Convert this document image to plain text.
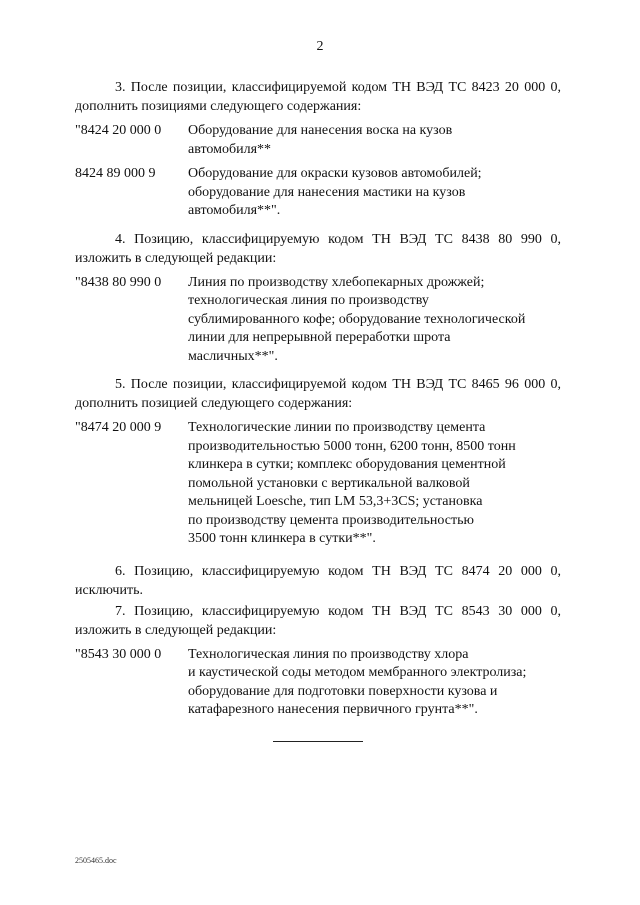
2
3. После позиции, классифицируемой кодом ТН ВЭД ТС 8423 20 000 0,
дополнить позициями следующего содержания:
"8424 20 000 0	Оборудование для нанесения воска на кузов
автомобиля**
8424 89 000 9	Оборудование для окраски кузовов автомобилей;
оборудование для нанесения мастики на кузов
автомобиля**".
4. Позицию, классифицируемую кодом ТН ВЭД ТС 8438 80 990 0,
изложить в следующей редакции:
"8438 80 990 0	Линия по производству хлебопекарных дрожжей;
технологическая линия по производству
сублимированного кофе; оборудование технологической
линии для непрерывной переработки шрота
масличных**".
5. После позиции, классифицируемой кодом ТН ВЭД ТС 8465 96 000 0,
дополнить позицией следующего содержания:
"8474 20 000 9	Технологические линии по производству цемента
производительностью 5000 тонн, 6200 тонн, 8500 тонн
клинкера в сутки; комплекс оборудования цементной
помольной установки с вертикальной валковой
мельницей Loesche, тип LM 53,3+3CS; установка
по производству цемента производительностью
3500 тонн клинкера в сутки**".
6. Позицию, классифицируемую кодом ТН ВЭД ТС 8474 20 000 0,
исключить.
7. Позицию, классифицируемую кодом ТН ВЭД ТС 8543 30 000 0,
изложить в следующей редакции:
"8543 30 000 0	Технологическая линия по производству хлора
и каустической соды методом мембранного электролиза;
оборудование для подготовки поверхности кузова и
катафарезного нанесения первичного грунта**".
2505465.doc
